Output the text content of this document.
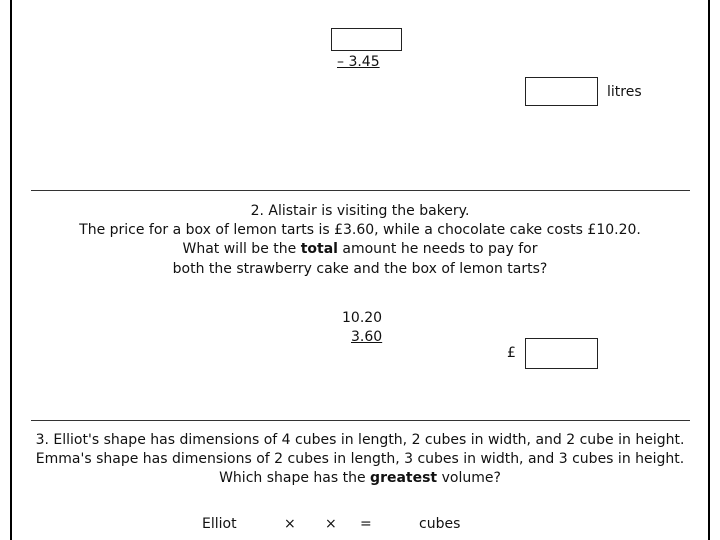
– 3.45
litres
2. Alistair is visiting the bakery.
The price for a box of lemon tarts is £3.60, while a chocolate cake costs £10.20.
What will be the total amount he needs to pay for
both the strawberry cake and the box of lemon tarts?
10.20
3.60
£
3. Elliot's shape has dimensions of 4 cubes in length, 2 cubes in width, and 2 cube in height.
Emma's shape has dimensions of 2 cubes in length, 3 cubes in width, and 3 cubes in height.
Which shape has the greatest volume?
Elliot	× × =	cubes
